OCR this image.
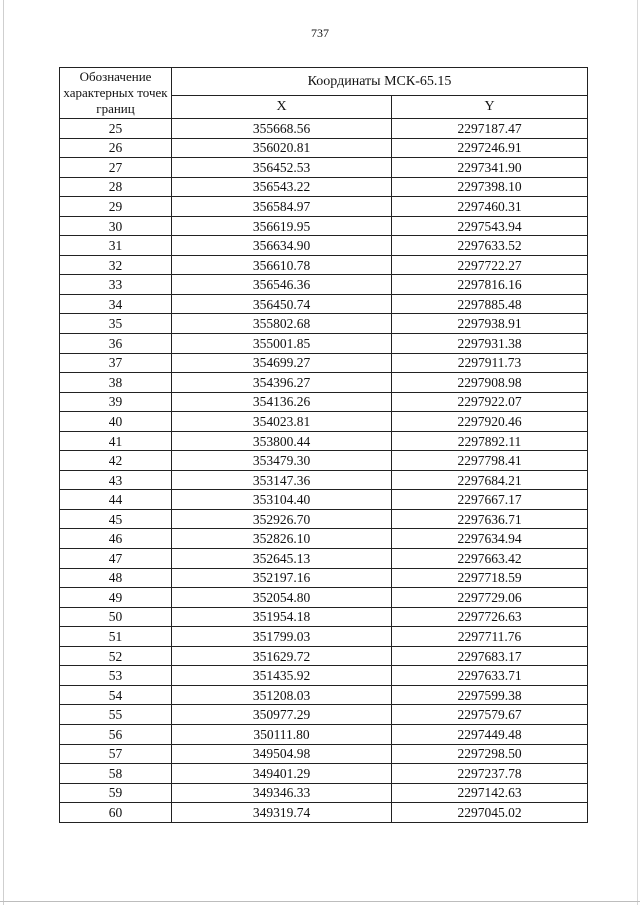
737
Обозначение характерных точек границ	Координаты МСК-65.15	
	X	Y
25	355668.56	2297187.47
26	356020.81	2297246.91
27	356452.53	2297341.90
28	356543.22	2297398.10
29	356584.97	2297460.31
30	356619.95	2297543.94
31	356634.90	2297633.52
32	356610.78	2297722.27
33	356546.36	2297816.16
34	356450.74	2297885.48
35	355802.68	2297938.91
36	355001.85	2297931.38
37	354699.27	2297911.73
38	354396.27	2297908.98
39	354136.26	2297922.07
40	354023.81	2297920.46
41	353800.44	2297892.11
42	353479.30	2297798.41
43	353147.36	2297684.21
44	353104.40	2297667.17
45	352926.70	2297636.71
46	352826.10	2297634.94
47	352645.13	2297663.42
48	352197.16	2297718.59
49	352054.80	2297729.06
50	351954.18	2297726.63
51	351799.03	2297711.76
52	351629.72	2297683.17
53	351435.92	2297633.71
54	351208.03	2297599.38
55	350977.29	2297579.67
56	350111.80	2297449.48
57	349504.98	2297298.50
58	349401.29	2297237.78
59	349346.33	2297142.63
60	349319.74	2297045.02
